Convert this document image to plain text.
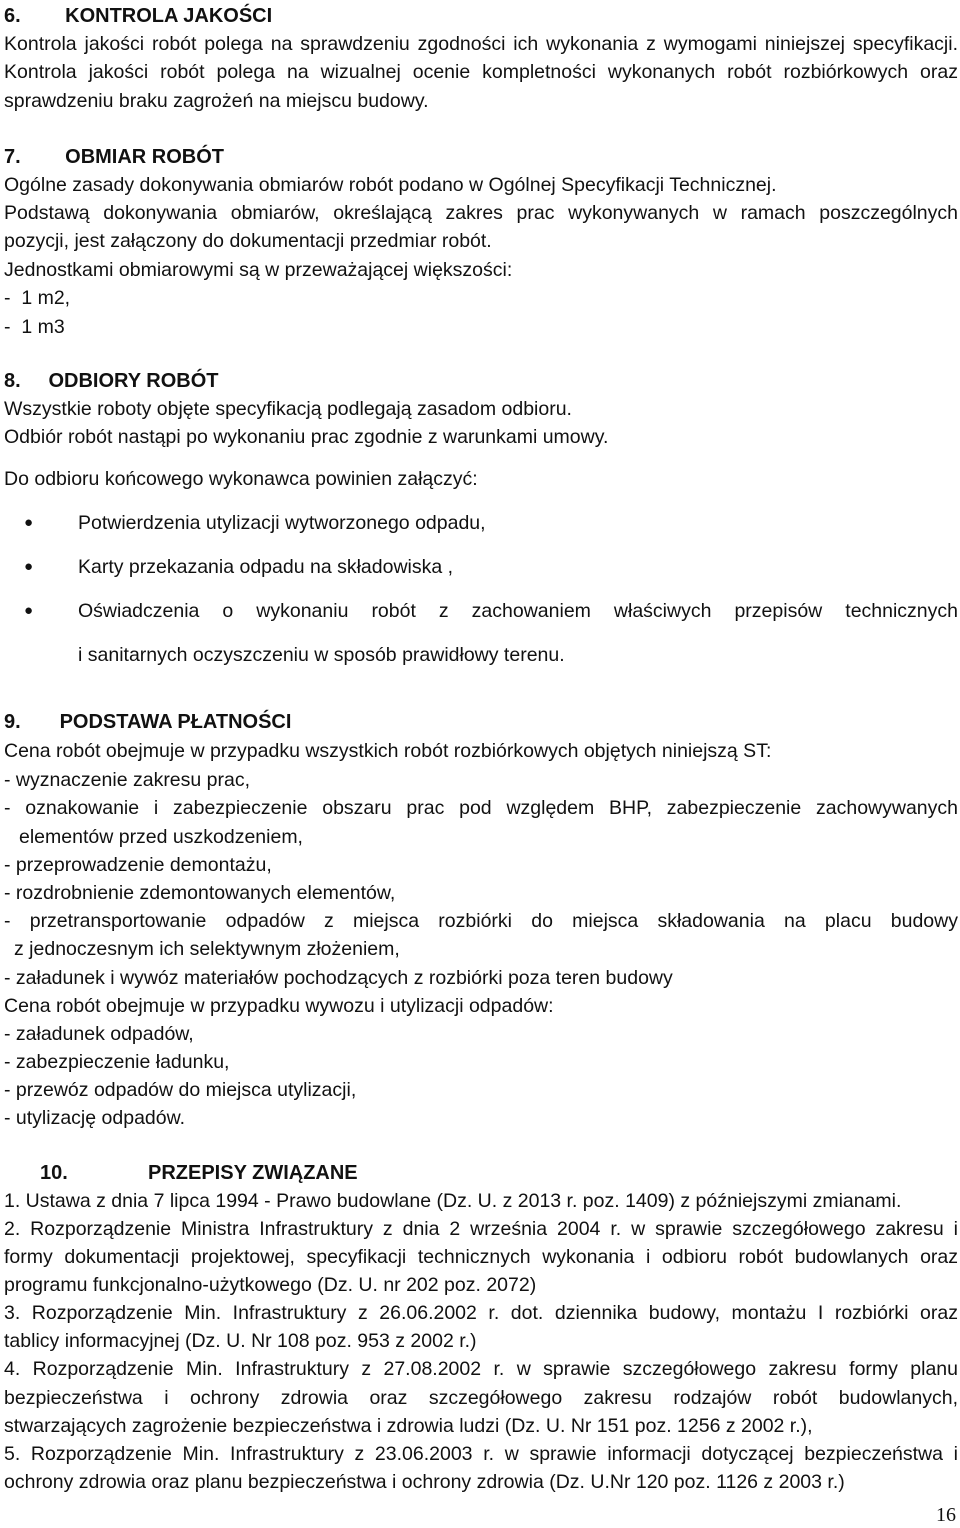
6.        KONTROLA JAKOŚCI
Kontrola jakości robót polega na sprawdzeniu zgodności ich wykonania z wymogami niniejszej specyfikacji.
Kontrola jakości robót polega na wizualnej ocenie kompletności wykonanych robót rozbiórkowych oraz
sprawdzeniu braku zagrożeń na miejscu budowy.
7.        OBMIAR ROBÓT
Ogólne zasady dokonywania obmiarów robót podano w Ogólnej Specyfikacji Technicznej.
Podstawą dokonywania obmiarów, określającą zakres prac wykonywanych w ramach poszczególnych
pozycji, jest załączony do dokumentacji przedmiar robót.
Jednostkami obmiarowymi są w przeważającej większości:
-  1 m2,
-  1 m3
8.     ODBIORY ROBÓT
Wszystkie roboty objęte specyfikacją podlegają zasadom odbioru.
Odbiór robót nastąpi po wykonaniu prac zgodnie z warunkami umowy.
Do odbioru końcowego wykonawca powinien załączyć:
● Potwierdzenia utylizacji wytworzonego odpadu,
● Karty przekazania odpadu na składowiska ,
● Oświadczenia o wykonaniu robót z zachowaniem właściwych przepisów technicznych
i sanitarnych oczyszczeniu w sposób prawidłowy terenu.
9.       PODSTAWA PŁATNOŚCI
Cena robót obejmuje w przypadku wszystkich robót rozbiórkowych objętych niniejszą ST:
- wyznaczenie zakresu prac,
- oznakowanie i zabezpieczenie obszaru prac pod względem BHP, zabezpieczenie zachowywanych
elementów przed uszkodzeniem,
- przeprowadzenie demontażu,
- rozdrobnienie zdemontowanych elementów,
- przetransportowanie odpadów z miejsca rozbiórki do miejsca składowania na placu budowy
z jednoczesnym ich selektywnym złożeniem,
- załadunek i wywóz materiałów pochodzących z rozbiórki poza teren budowy
Cena robót obejmuje w przypadku wywozu i utylizacji odpadów:
- załadunek odpadów,
- zabezpieczenie ładunku,
- przewóz odpadów do miejsca utylizacji,
- utylizację odpadów.
10.	PRZEPISY ZWIĄZANE
1. Ustawa z dnia 7 lipca 1994 - Prawo budowlane (Dz. U. z 2013 r. poz. 1409) z późniejszymi zmianami.
2. Rozporządzenie Ministra Infrastruktury z dnia 2 września 2004 r. w sprawie szczegółowego zakresu i
formy dokumentacji projektowej, specyfikacji technicznych wykonania i odbioru robót budowlanych oraz
programu funkcjonalno-użytkowego (Dz. U. nr 202 poz. 2072)
3. Rozporządzenie Min. Infrastruktury z 26.06.2002 r. dot. dziennika budowy, montażu I rozbiórki oraz
tablicy informacyjnej (Dz. U. Nr 108 poz. 953 z 2002 r.)
4. Rozporządzenie Min. Infrastruktury z 27.08.2002 r. w sprawie szczegółowego zakresu formy planu
bezpieczeństwa i ochrony zdrowia oraz szczegółowego zakresu rodzajów robót budowlanych,
stwarzających zagrożenie bezpieczeństwa i zdrowia ludzi (Dz. U. Nr 151 poz. 1256 z 2002 r.),
5. Rozporządzenie Min. Infrastruktury z 23.06.2003 r. w sprawie informacji dotyczącej bezpieczeństwa i
ochrony zdrowia oraz planu bezpieczeństwa i ochrony zdrowia (Dz. U.Nr 120 poz. 1126 z 2003 r.)
16
